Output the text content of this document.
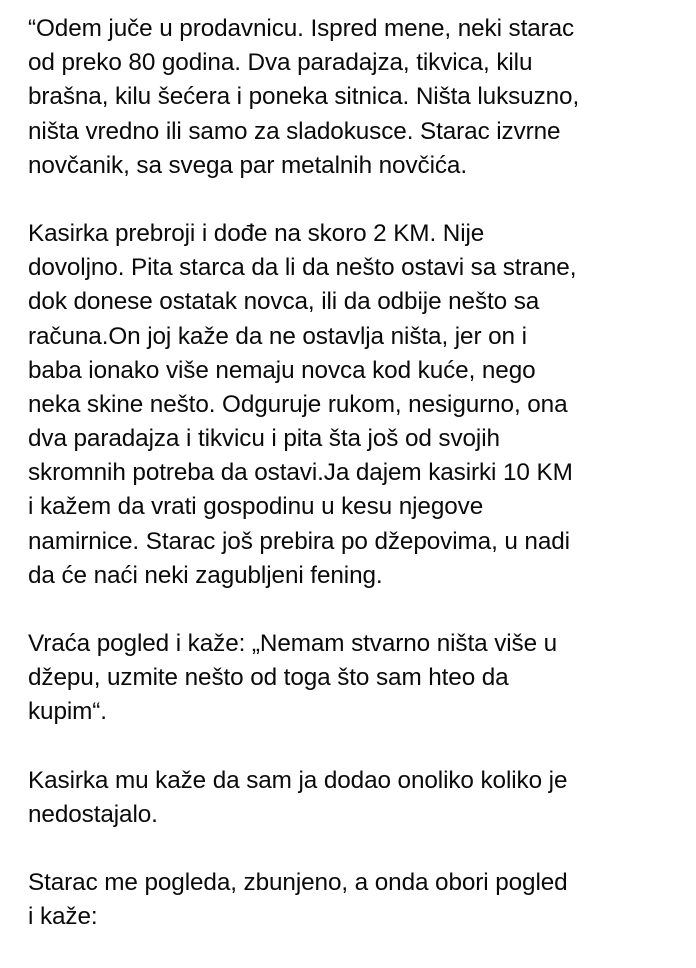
“Odem juče u prodavnicu. Ispred mene, neki starac
od preko 80 godina. Dva paradajza, tikvica, kilu
brašna, kilu šećera i poneka sitnica. Ništa luksuzno,
ništa vredno ili samo za sladokusce. Starac izvrne
novčanik, sa svega par metalnih novčića.
Kasirka prebroji i dođe na skoro 2 KM. Nije
dovoljno. Pita starca da li da nešto ostavi sa strane,
dok donese ostatak novca, ili da odbije nešto sa
računa.On joj kaže da ne ostavlja ništa, jer on i
baba ionako više nemaju novca kod kuće, nego
neka skine nešto. Odguruje rukom, nesigurno, ona
dva paradajza i tikvicu i pita šta još od svojih
skromnih potreba da ostavi.Ja dajem kasirki 10 KM
i kažem da vrati gospodinu u kesu njegove
namirnice. Starac još prebira po džepovima, u nadi
da će naći neki zagubljeni fening.
Vraća pogled i kaže: „Nemam stvarno ništa više u
džepu, uzmite nešto od toga što sam hteo da
kupim“.
Kasirka mu kaže da sam ja dodao onoliko koliko je
nedostajalo.
Starac me pogleda, zbunjeno, a onda obori pogled
i kaže:
